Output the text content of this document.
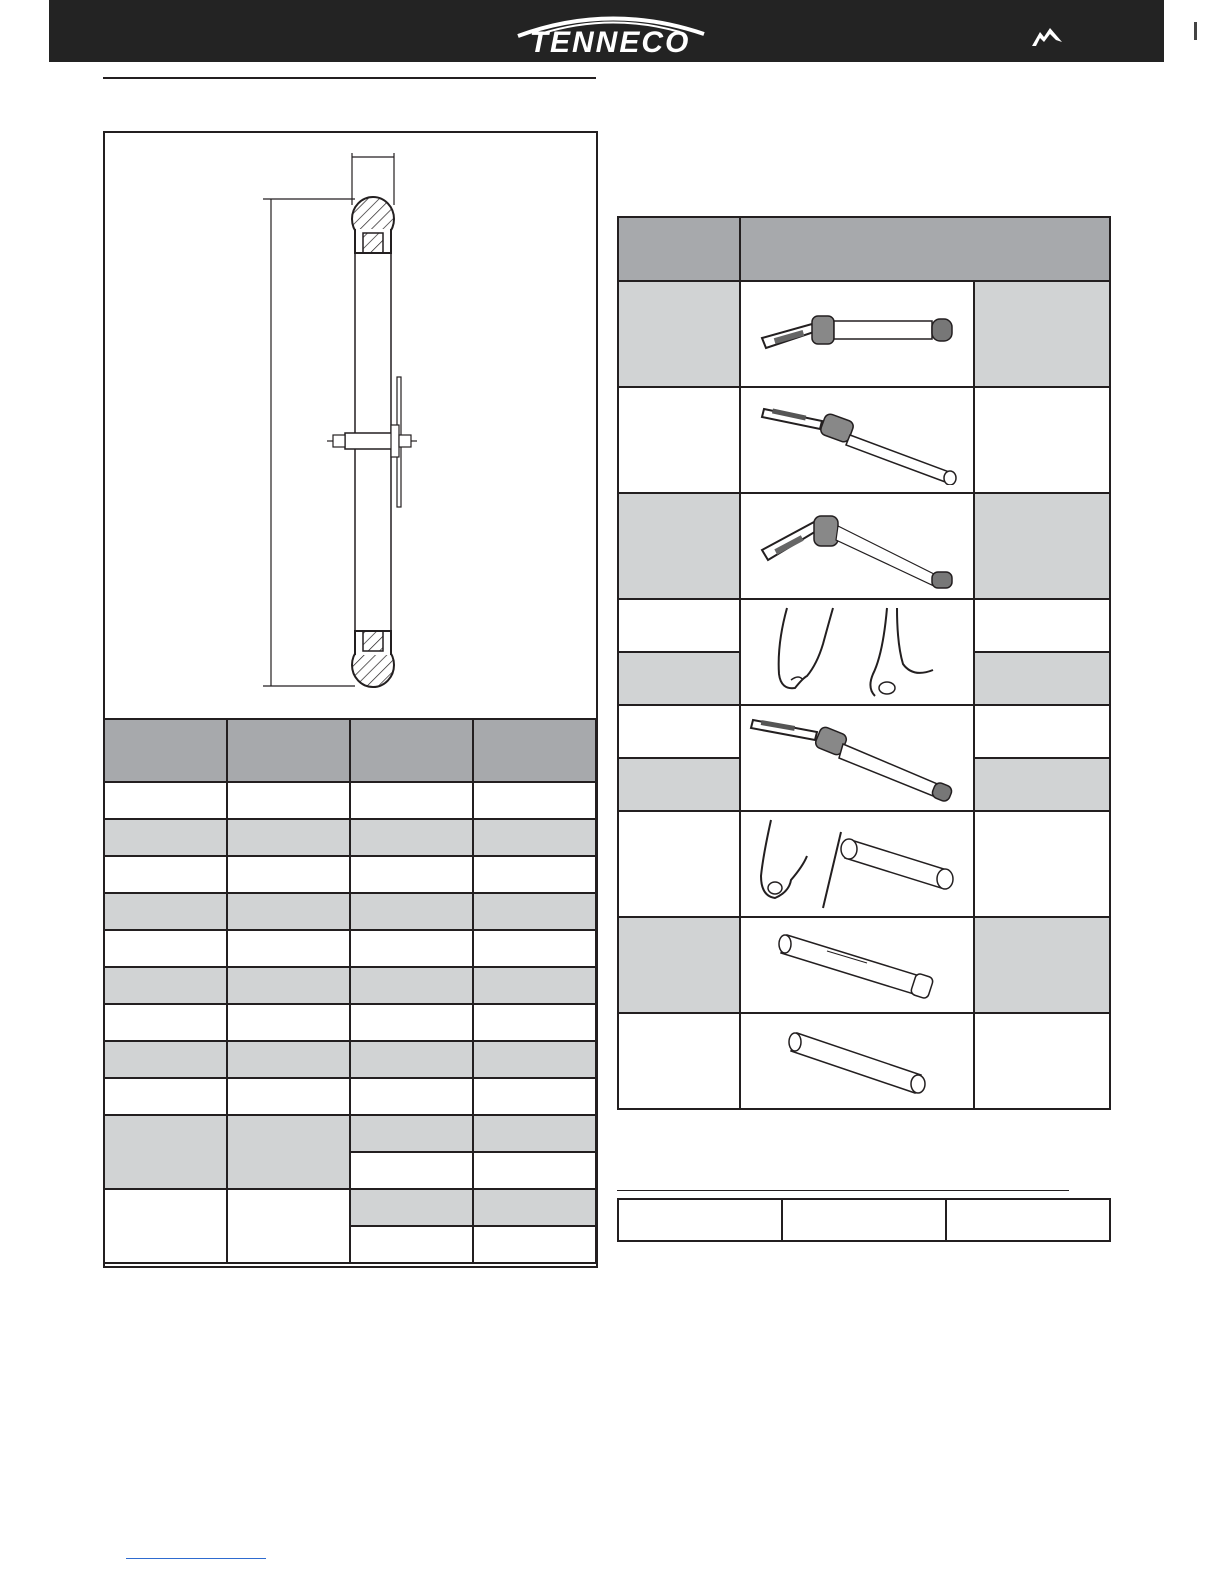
TENNECO
